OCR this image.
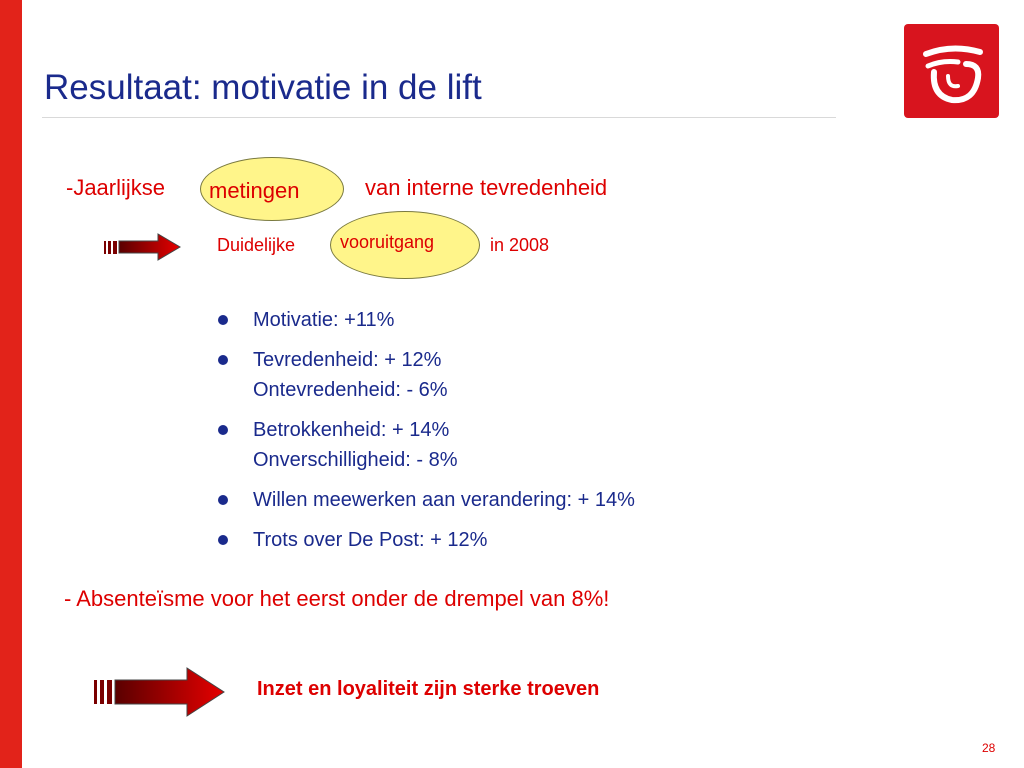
Resultaat: motivatie in de lift
-Jaarlijkse metingen	van interne tevredenheid
Duidelijke vooruitgang	in 2008
Motivatie: +11%
Tevredenheid: + 12%
Ontevredenheid: - 6%
Betrokkenheid: + 14%
Onverschilligheid: - 8%
Willen meewerken aan verandering: + 14%
Trots over De Post: + 12%
- Absenteïsme voor het eerst onder de drempel van 8%!
Inzet en loyaliteit zijn sterke troeven
28
